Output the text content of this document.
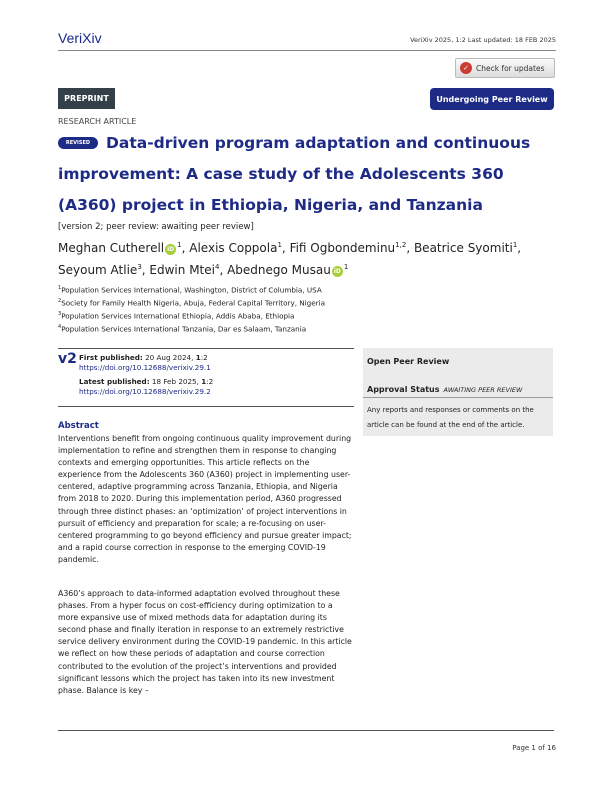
VeriXiv	VeriXiv 2025, 1:2 Last updated: 18 FEB 2025
✓ Check for updates
PREPRINT	Undergoing Peer Review
RESEARCH ARTICLE
Data-driven program adaptation and continuous improvement: A case study of the Adolescents 360 (A360) project in Ethiopia, Nigeria, and Tanzania
REVISED
[version 2; peer review: awaiting peer review]
Meghan Cutherell $iD^1$, Alexis Coppola$^1$, Fifi Ogbondeminu$^{1,2}$, Beatrice Syomiti$^1$, Seyoum Atlie$^3$, Edwin Mtei$^4$, Abednego Musau $iD^1$
$^1$Population Services International, Washington, District of Columbia, USA
$^2$Society for Family Health Nigeria, Abuja, Federal Capital Territory, Nigeria
$^3$Population Services International Ethiopia, Addis Ababa, Ethiopia
$^4$Population Services International Tanzania, Dar es Salaam, Tanzania
v2 First published: 20 Aug 2024, 1:2
https://doi.org/10.12688/verixiv.29.1
Latest published: 18 Feb 2025, 1:2
https://doi.org/10.12688/verixiv.29.2
Open Peer Review
Approval Status AWAITING PEER REVIEW
Any reports and responses or comments on the article can be found at the end of the article.
Abstract
Interventions benefit from ongoing continuous quality improvement during implementation to refine and strengthen them in response to changing contexts and emerging opportunities. This article reflects on the experience from the Adolescents 360 (A360) project in implementing user-centered, adaptive programming across Tanzania, Ethiopia, and Nigeria from 2018 to 2020. During this implementation period, A360 progressed through three distinct phases: an ‘optimization’ of project interventions in pursuit of efficiency and preparation for scale; a re-focusing on user-centered programming to go beyond efficiency and pursue greater impact; and a rapid course correction in response to the emerging COVID-19 pandemic.
A360’s approach to data-informed adaptation evolved throughout these phases. From a hyper focus on cost-efficiency during optimization to a more expansive use of mixed methods data for adaptation during its second phase and finally iteration in response to an extremely restrictive service delivery environment during the COVID-19 pandemic. In this article we reflect on how these periods of adaptation and course correction contributed to the evolution of the project’s interventions and provided significant lessons which the project has taken into its new investment phase. Balance is key –
Page 1 of 16
